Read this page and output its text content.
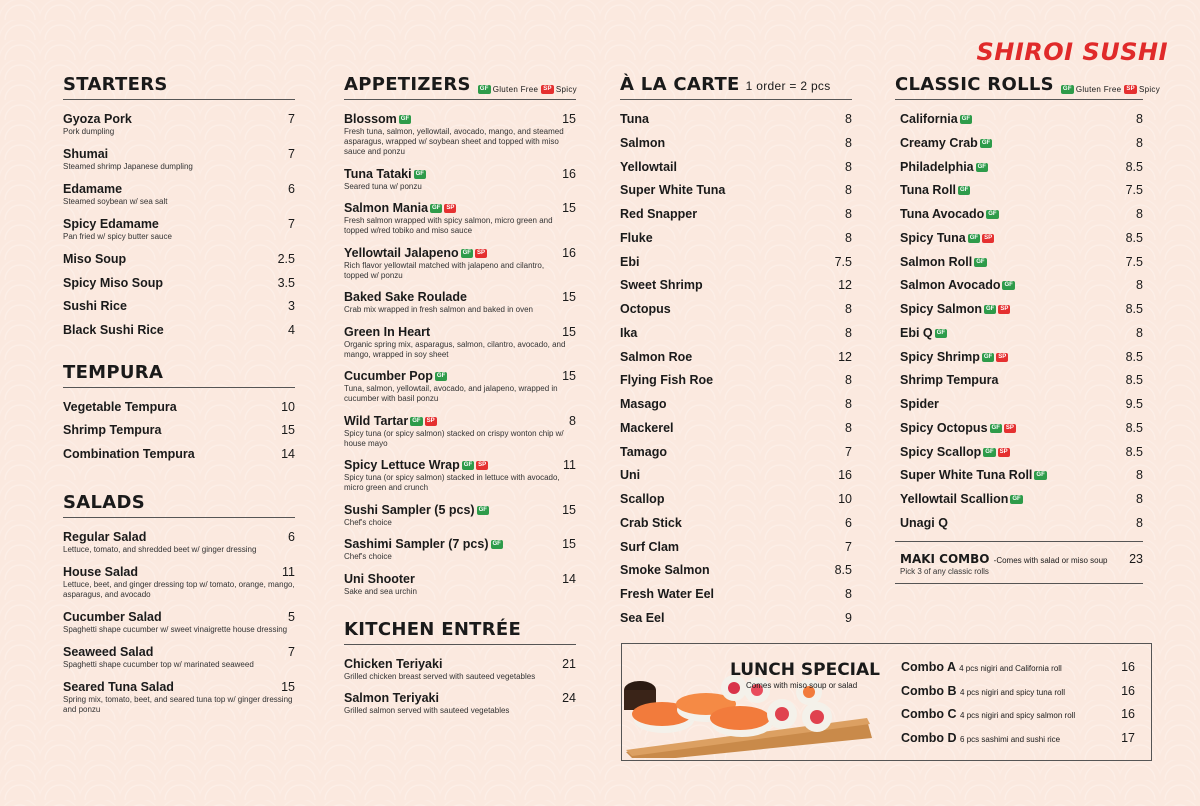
SHIROI SUSHI
STARTERS
Gyoza Pork	7
Pork dumpling
Shumai	7
Steamed shrimp Japanese dumpling
Edamame	6
Steamed soybean w/ sea salt
Spicy Edamame	7
Pan fried w/ spicy butter sauce
Miso Soup	2.5
Spicy Miso Soup	3.5
Sushi Rice	3
Black Sushi Rice	4
TEMPURA
Vegetable Tempura	10
Shrimp Tempura	15
Combination Tempura	14
SALADS
Regular Salad	6
Lettuce, tomato, and shredded beet w/ ginger dressing
House Salad	11
Lettuce, beet, and ginger dressing top w/ tomato, orange, mango, asparagus, and avocado
Cucumber Salad	5
Spaghetti shape cucumber w/ sweet vinaigrette house dressing
Seaweed Salad	7
Spaghetti shape cucumber top w/ marinated seaweed
Seared Tuna Salad	15
Spring mix, tomato, beet, and seared tuna top w/ ginger dressing and ponzu
APPETIZERS	GF Gluten Free SP Spicy
Blossom GF	15
Fresh tuna, salmon, yellowtail, avocado, mango, and steamed asparagus, wrapped w/ soybean sheet and topped with miso sauce and ponzu
Tuna Tataki GF	16
Seared tuna w/ ponzu
Salmon Mania GF SP	15
Fresh salmon wrapped with spicy salmon, micro green and topped w/red tobiko and miso sauce
Yellowtail Jalapeno GF SP	16
Rich flavor yellowtail matched with jalapeno and cilantro, topped w/ ponzu
Baked Sake Roulade	15
Crab mix wrapped in fresh salmon and baked in oven
Green In Heart	15
Organic spring mix, asparagus, salmon, cilantro, avocado, and mango, wrapped in soy sheet
Cucumber Pop GF	15
Tuna, salmon, yellowtail, avocado, and jalapeno, wrapped in cucumber with basil ponzu
Wild Tartar GF SP	8
Spicy tuna (or spicy salmon) stacked on crispy wonton chip w/ house mayo
Spicy Lettuce Wrap GF SP	11
Spicy tuna (or spicy salmon) stacked in lettuce with avocado, micro green and crunch
Sushi Sampler (5 pcs) GF	15
Chef's choice
Sashimi Sampler (7 pcs) GF	15
Chef's choice
Uni Shooter	14
Sake and sea urchin
KITCHEN ENTRÉE
Chicken Teriyaki	21
Grilled chicken breast served with sauteed vegetables
Salmon Teriyaki	24
Grilled salmon served with sauteed vegetables
À LA CARTE 1 order = 2 pcs
Tuna	8
Salmon	8
Yellowtail	8
Super White Tuna	8
Red Snapper	8
Fluke	8
Ebi	7.5
Sweet Shrimp	12
Octopus	8
Ika	8
Salmon Roe	12
Flying Fish Roe	8
Masago	8
Mackerel	8
Tamago	7
Uni	16
Scallop	10
Crab Stick	6
Surf Clam	7
Smoke Salmon	8.5
Fresh Water Eel	8
Sea Eel	9
CLASSIC ROLLS	GF Gluten Free SP Spicy
California GF	8
Creamy Crab GF	8
Philadelphia GF	8.5
Tuna Roll GF	7.5
Tuna Avocado GF	8
Spicy Tuna GF SP	8.5
Salmon Roll GF	7.5
Salmon Avocado GF	8
Spicy Salmon GF SP	8.5
Ebi Q GF	8
Spicy Shrimp GF SP	8.5
Shrimp Tempura	8.5
Spider	9.5
Spicy Octopus GF SP	8.5
Spicy Scallop GF SP	8.5
Super White Tuna Roll GF	8
Yellowtail Scallion GF	8
Unagi Q	8
MAKI COMBO -Comes with salad or miso soup 23
Pick 3 of any classic rolls
LUNCH SPECIAL
Comes with miso soup or salad
Combo A 4 pcs nigiri and California roll	16
Combo B 4 pcs nigiri and spicy tuna roll	16
Combo C 4 pcs nigiri and spicy salmon roll	16
Combo D 6 pcs sashimi and sushi rice	17
